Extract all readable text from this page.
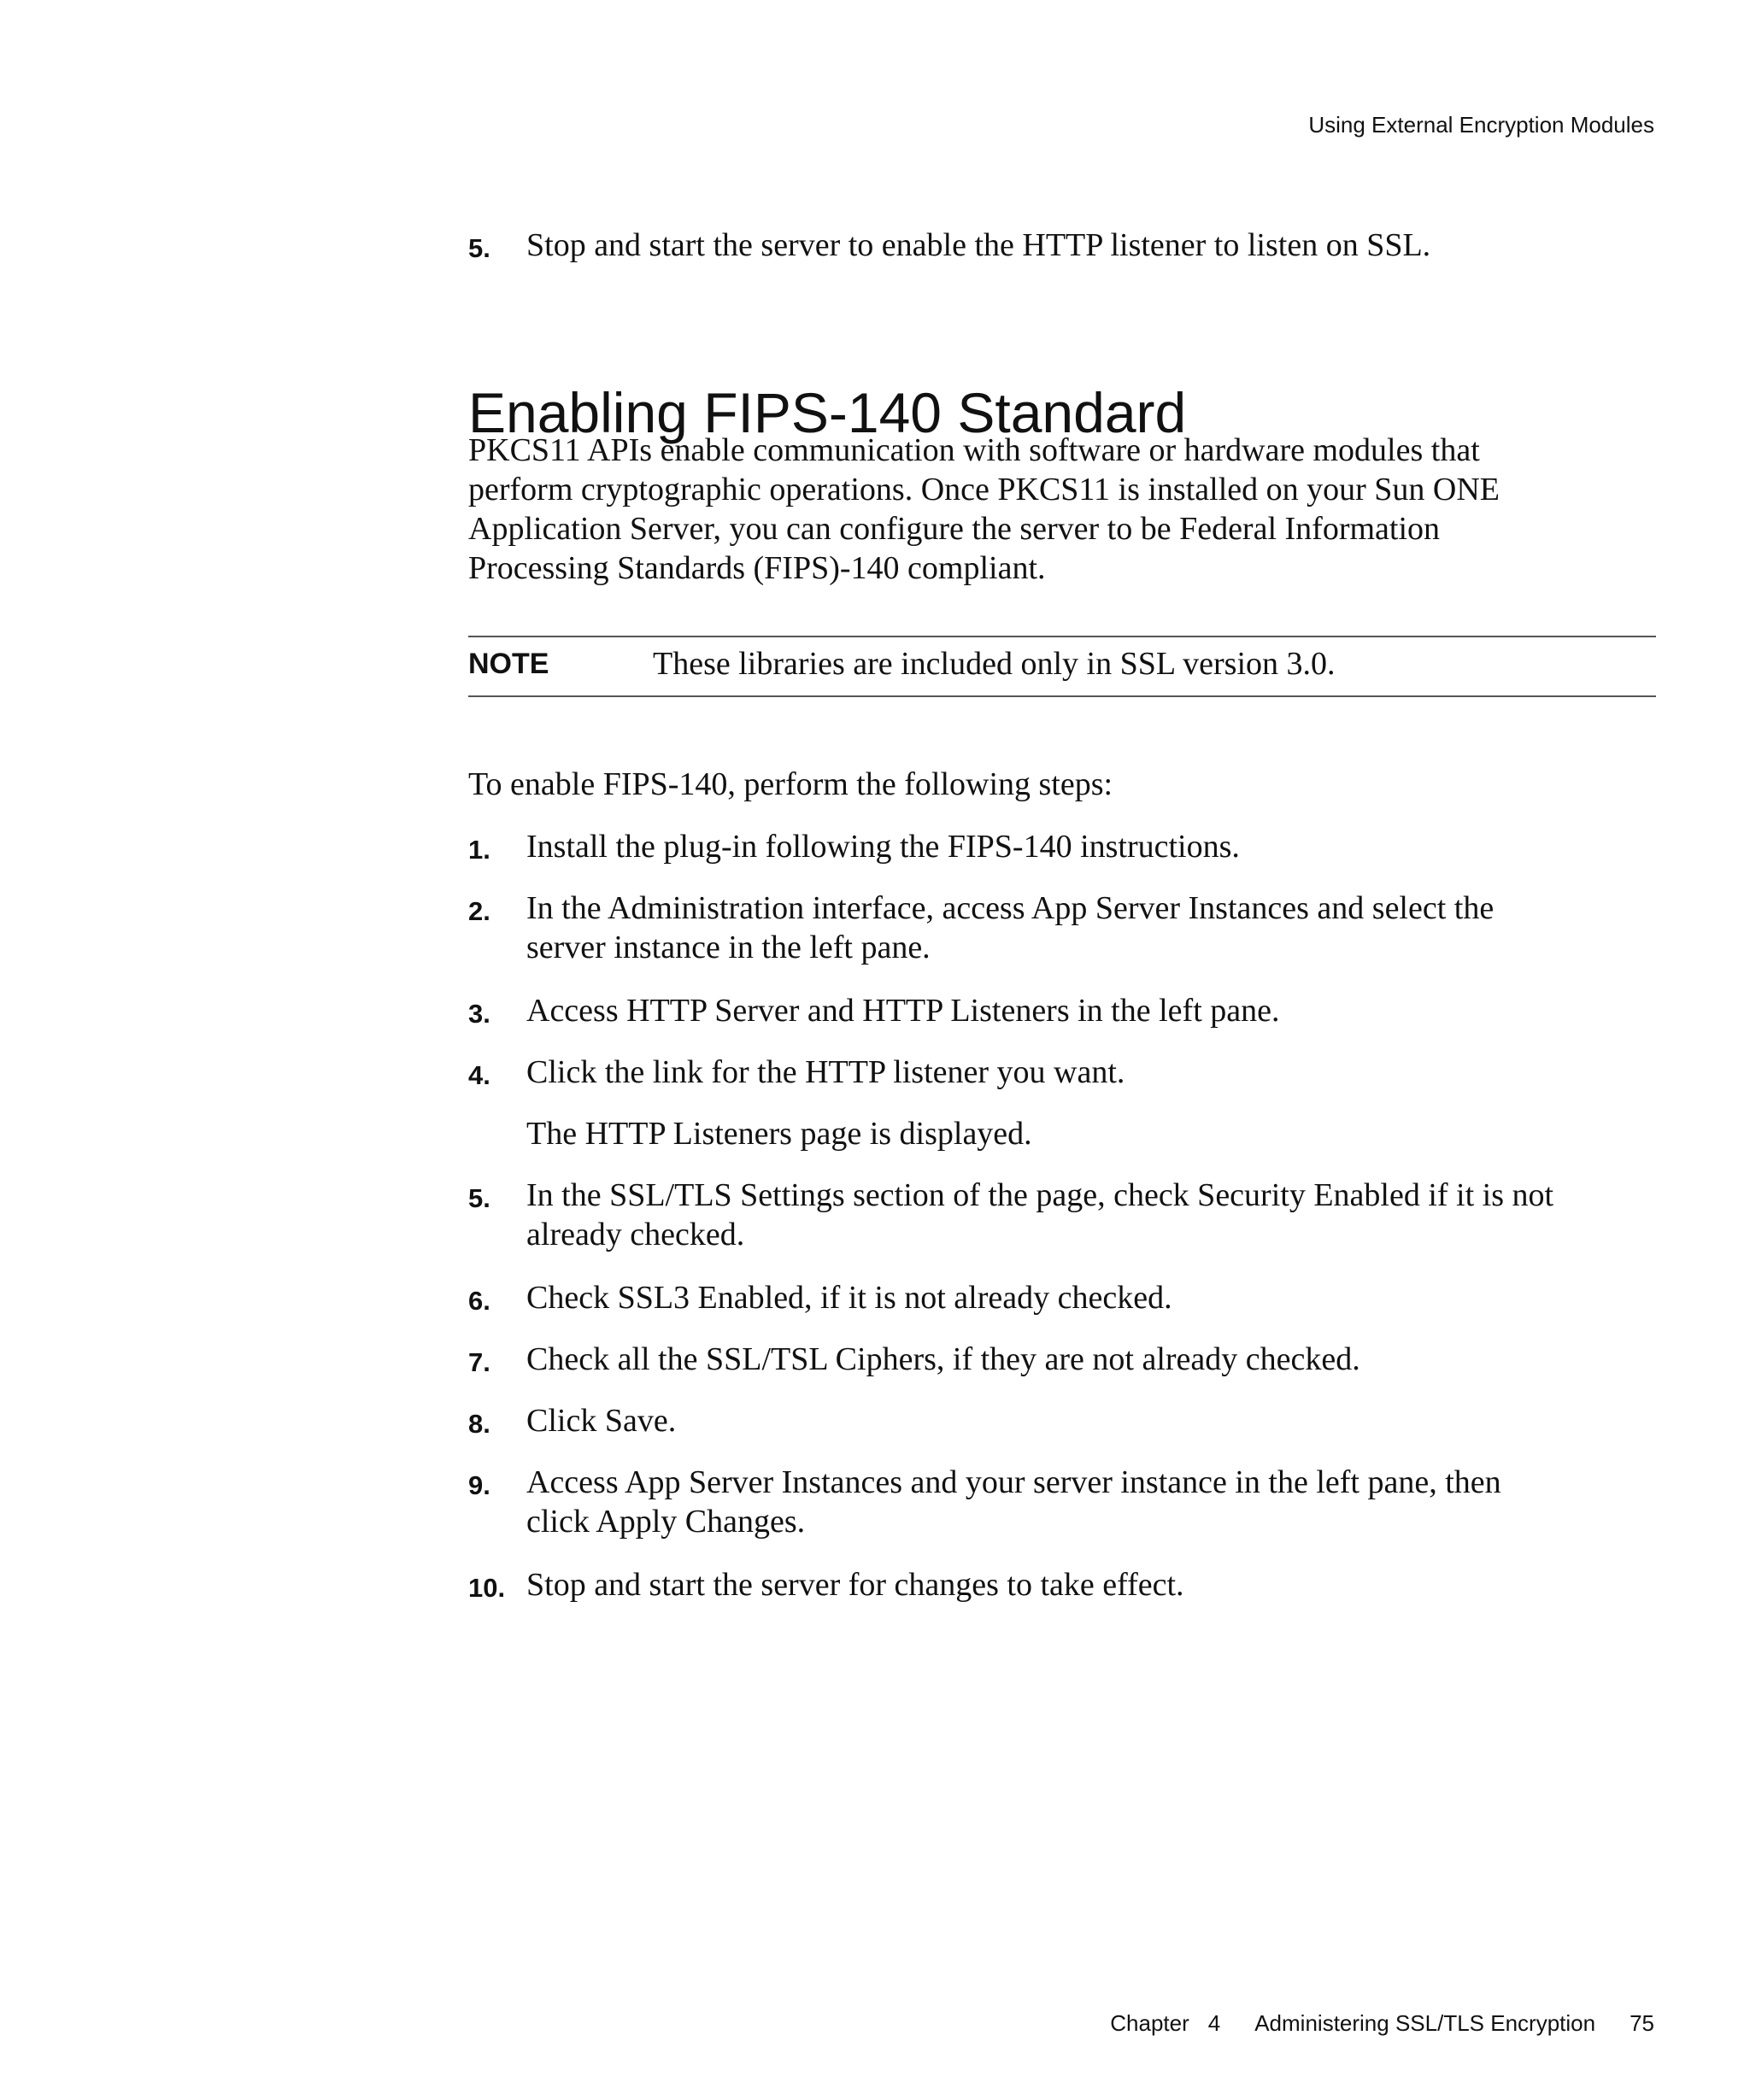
Using External Encryption Modules
5. Stop and start the server to enable the HTTP listener to listen on SSL.
Enabling FIPS-140 Standard
PKCS11 APIs enable communication with software or hardware modules that
perform cryptographic operations. Once PKCS11 is installed on your Sun ONE
Application Server, you can configure the server to be Federal Information
Processing Standards (FIPS)-140 compliant.
NOTE	These libraries are included only in SSL version 3.0.
To enable FIPS-140, perform the following steps:
1. Install the plug-in following the FIPS-140 instructions.
2. In the Administration interface, access App Server Instances and select the
server instance in the left pane.
3. Access HTTP Server and HTTP Listeners in the left pane.
4. Click the link for the HTTP listener you want.
The HTTP Listeners page is displayed.
5. In the SSL/TLS Settings section of the page, check Security Enabled if it is not
already checked.
6. Check SSL3 Enabled, if it is not already checked.
7. Check all the SSL/TSL Ciphers, if they are not already checked.
8. Click Save.
9. Access App Server Instances and your server instance in the left pane, then
click Apply Changes.
10. Stop and start the server for changes to take effect.

Chapter 4 Administering SSL/TLS Encryption 75
